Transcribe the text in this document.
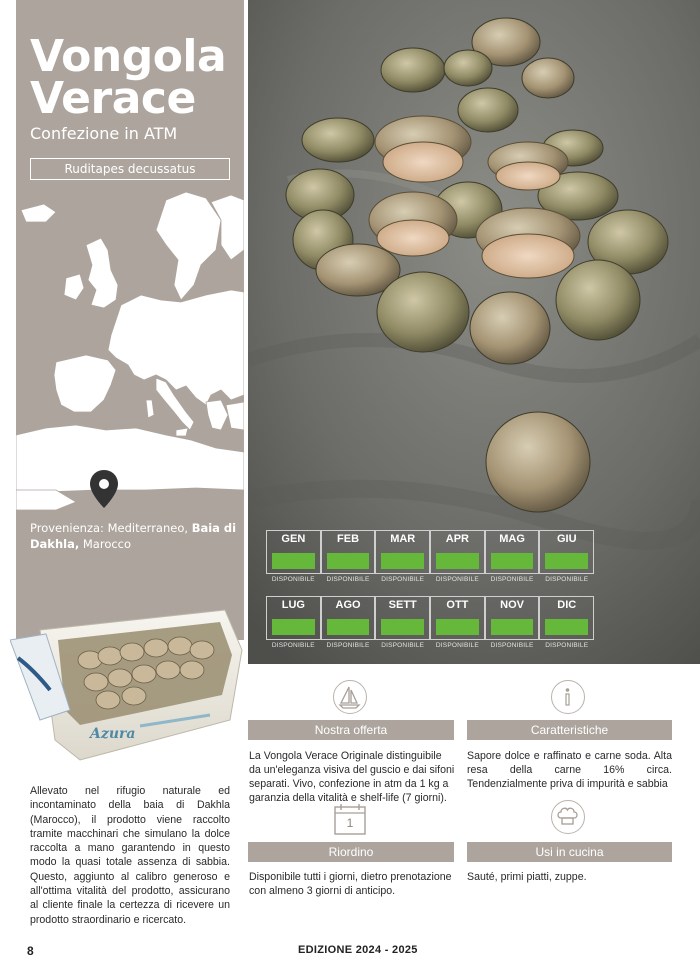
Vongola
Verace
Confezione in ATM
Ruditapes decussatus
Provenienza: Mediterraneo, Baia di Dakhla, Marocco	GEN	FEB	MAR	APR	MAG	GIU
DISPONIBILE	DISPONIBILE	DISPONIBILE	DISPONIBILE	DISPONIBILE	DISPONIBILE
LUG	AGO	SETT	OTT	NOV	DIC
DISPONIBILE	DISPONIBILE	DISPONIBILE	DISPONIBILE	DISPONIBILE	DISPONIBILE
Azura
Allevato nel rifugio naturale ed incontaminato della baia di Dakhla (Marocco), il prodotto viene raccolto tramite macchinari che simulano la dolce raccolta a mano garantendo in questo modo la quasi totale assenza di sabbia. Questo, aggiunto al calibro generoso e all'ottima vitalità del prodotto, assicurano al cliente finale la certezza di ricevere un prodotto straordinario e ricercato.
Nostra offerta
La Vongola Verace Originale distinguibile da un'eleganza visiva del guscio e dai sifoni separati. Vivo, confezione in atm da 1 kg a garanzia della vitalità e shelf-life (7 giorni).
Caratteristiche
Sapore dolce e raffinato e carne soda. Alta resa della carne 16% circa. Tendenzialmente priva di impurità e sabbia
1
Riordino
Disponibile tutti i giorni, dietro prenotazione con almeno 3 giorni di anticipo.
Usi in cucina
Sauté, primi piatti, zuppe.
8	EDIZIONE 2024 - 2025
